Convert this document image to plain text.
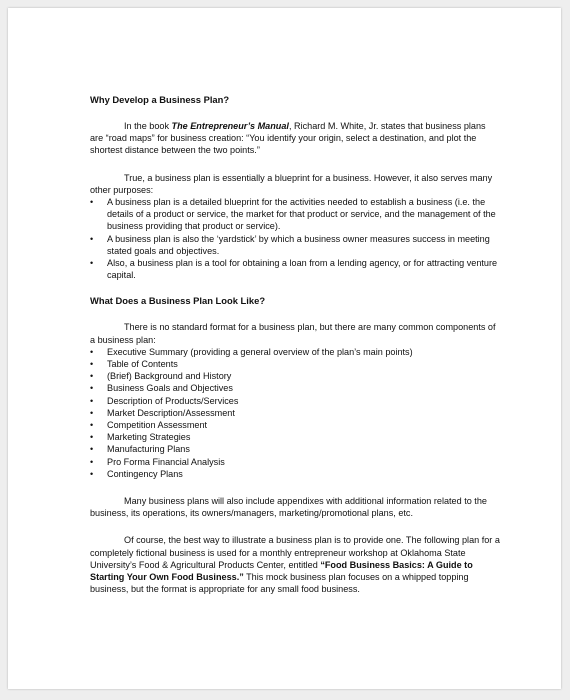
Why Develop a Business Plan?

In the book The Entrepreneur’s Manual, Richard M. White, Jr. states that business plans are “road maps” for business creation: “You identify your origin, select a destination, and plot the shortest distance between the two points.”

True, a business plan is essentially a blueprint for a business. However, it also serves many other purposes:

• A business plan is a detailed blueprint for the activities needed to establish a business (i.e. the details of a product or service, the market for that product or service, and the management of the business providing that product or service).
• A business plan is also the ‘yardstick’ by which a business owner measures success in meeting stated goals and objectives.
• Also, a business plan is a tool for obtaining a loan from a lending agency, or for attracting venture capital.
What Does a Business Plan Look Like?

There is no standard format for a business plan, but there are many common components of a business plan:

• Executive Summary (providing a general overview of the plan’s main points)
• Table of Contents
• (Brief) Background and History
• Business Goals and Objectives
• Description of Products/Services
• Market Description/Assessment
• Competition Assessment
• Marketing Strategies
• Manufacturing Plans
• Pro Forma Financial Analysis
• Contingency Plans

Many business plans will also include appendixes with additional information related to the business, its operations, its owners/managers, marketing/promotional plans, etc.

Of course, the best way to illustrate a business plan is to provide one. The following plan for a completely fictional business is used for a monthly entrepreneur workshop at Oklahoma State University’s Food & Agricultural Products Center, entitled “Food Business Basics: A Guide to Starting Your Own Food Business.” This mock business plan focuses on a whipped topping business, but the format is appropriate for any small food business.
